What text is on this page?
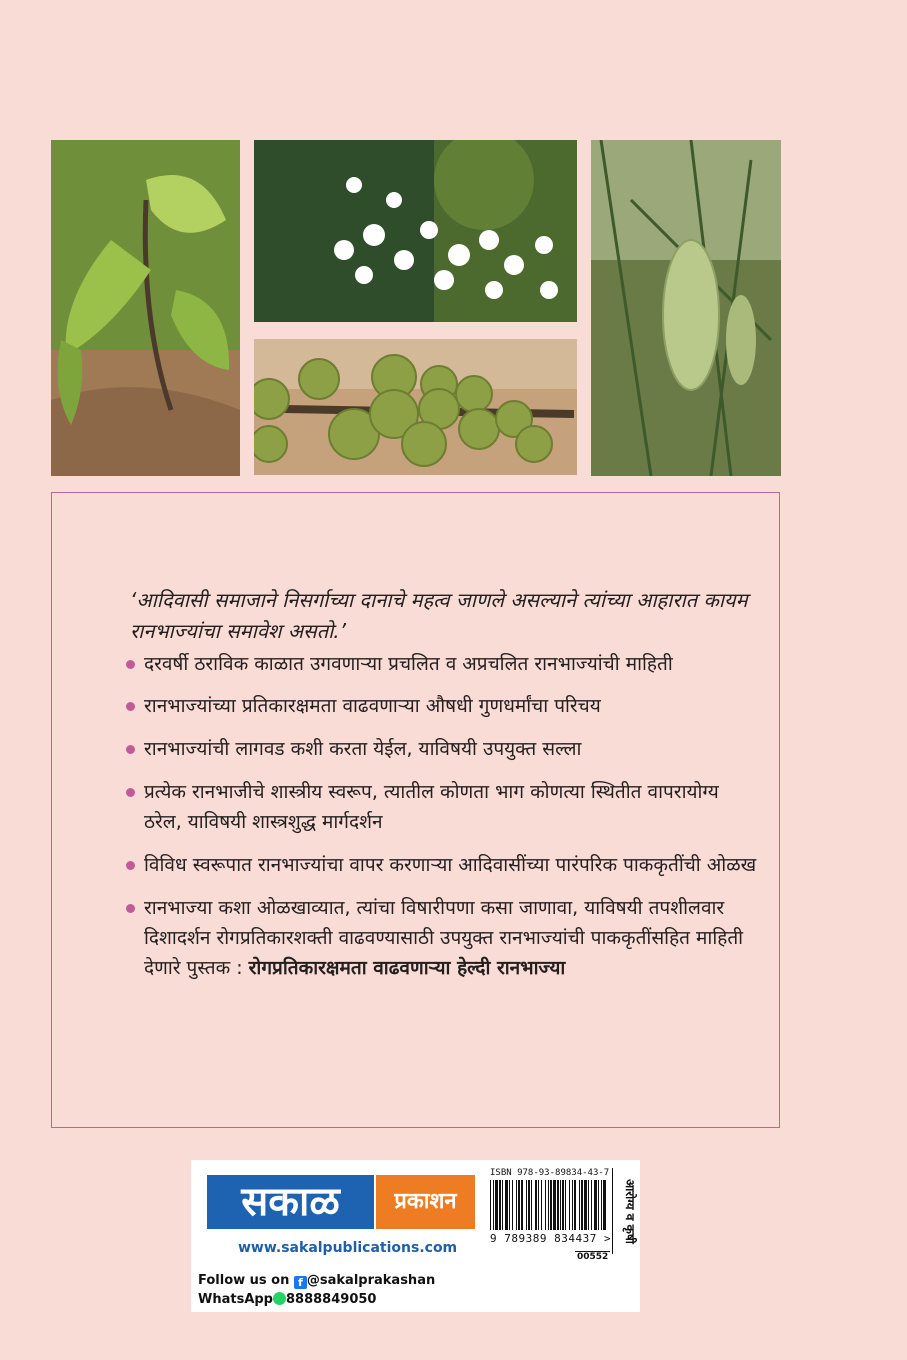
‘आदिवासी समाजाने निसर्गाच्या दानाचे महत्व जाणले असल्याने त्यांच्या आहारात कायम रानभाज्यांचा समावेश असतो.’

दरवर्षी ठराविक काळात उगवणाऱ्या प्रचलित व अप्रचलित रानभाज्यांची माहिती
रानभाज्यांच्या प्रतिकारक्षमता वाढवणाऱ्या औषधी गुणधर्मांचा परिचय
रानभाज्यांची लागवड कशी करता येईल, याविषयी उपयुक्त सल्ला
प्रत्येक रानभाजीचे शास्त्रीय स्वरूप, त्यातील कोणता भाग कोणत्या स्थितीत वापरायोग्य ठरेल, याविषयी शास्त्रशुद्ध मार्गदर्शन
विविध स्वरूपात रानभाज्यांचा वापर करणाऱ्या आदिवासींच्या पारंपरिक पाककृतींची ओळख
रानभाज्या कशा ओळखाव्यात, त्यांचा विषारीपणा कसा जाणावा, याविषयी तपशीलवार दिशादर्शन रोगप्रतिकारशक्ती वाढवण्यासाठी उपयुक्त रानभाज्यांची पाककृतींसहित माहिती देणारे पुस्तक : रोगप्रतिकारक्षमता वाढवणाऱ्या हेल्दी रानभाज्या
सकाळ	प्रकाशन
www.sakalpublications.com
Follow us on f @sakalprakashan
WhatsApp 8888849050
ISBN 978-93-89834-43-7
9 789389 834437 >
00552
आरोग्य व कृषी
